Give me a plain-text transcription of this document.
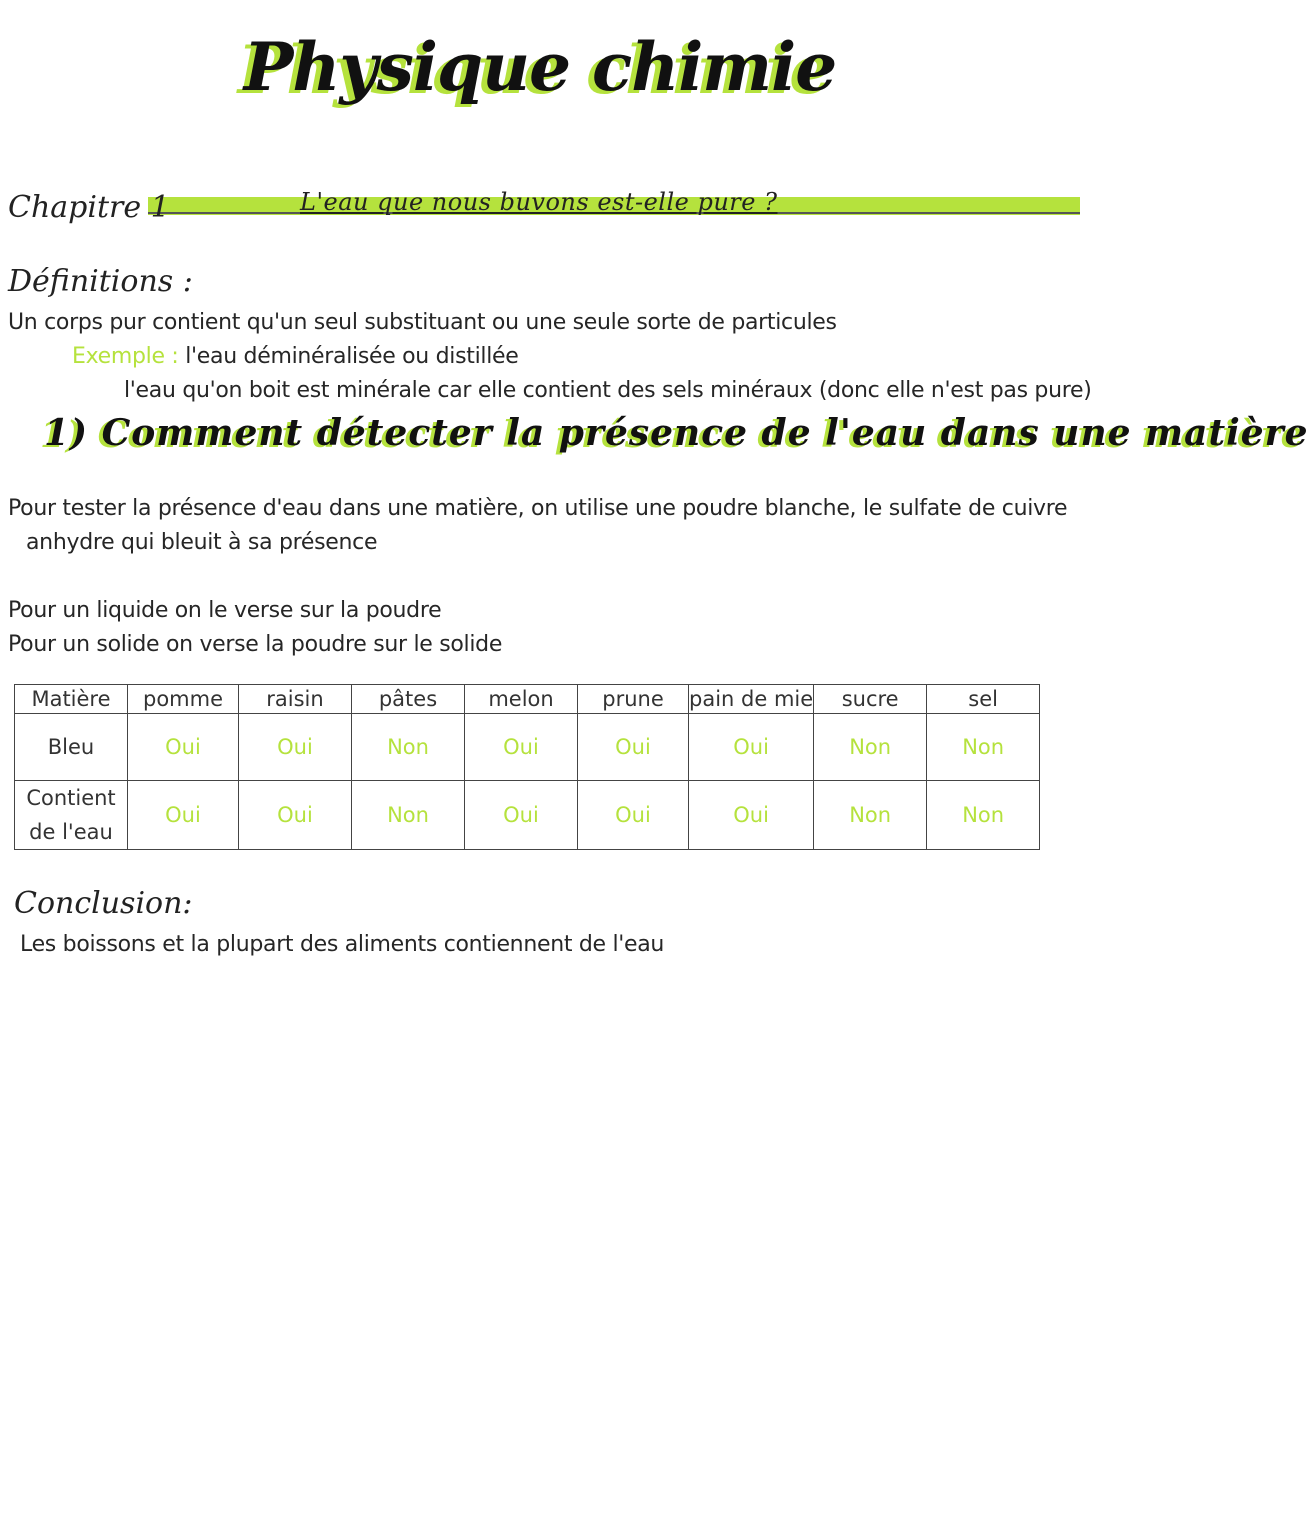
Physique chimie
Chapitre 1	L'eau que nous buvons est-elle pure ?
Définitions :
Un corps pur contient qu'un seul substituant ou une seule sorte de particules
Exemple : l'eau déminéralisée ou distillée
l'eau qu'on boit est minérale car elle contient des sels minéraux (donc elle n'est pas pure)
1) Comment détecter la présence de l'eau dans une matière
Pour tester la présence d'eau dans une matière, on utilise une poudre blanche, le sulfate de cuivre
anhydre qui bleuit à sa présence
Pour un liquide on le verse sur la poudre
Pour un solide on verse la poudre sur le solide
Matière	pomme	raisin	pâtes	melon	prune	pain de mie	sucre	sel
Bleu	Oui	Oui	Non	Oui	Oui	Oui	Non	Non
Contient
de l'eau	Oui	Oui	Non	Oui	Oui	Oui	Non	Non
Conclusion:
Les boissons et la plupart des aliments contiennent de l'eau
